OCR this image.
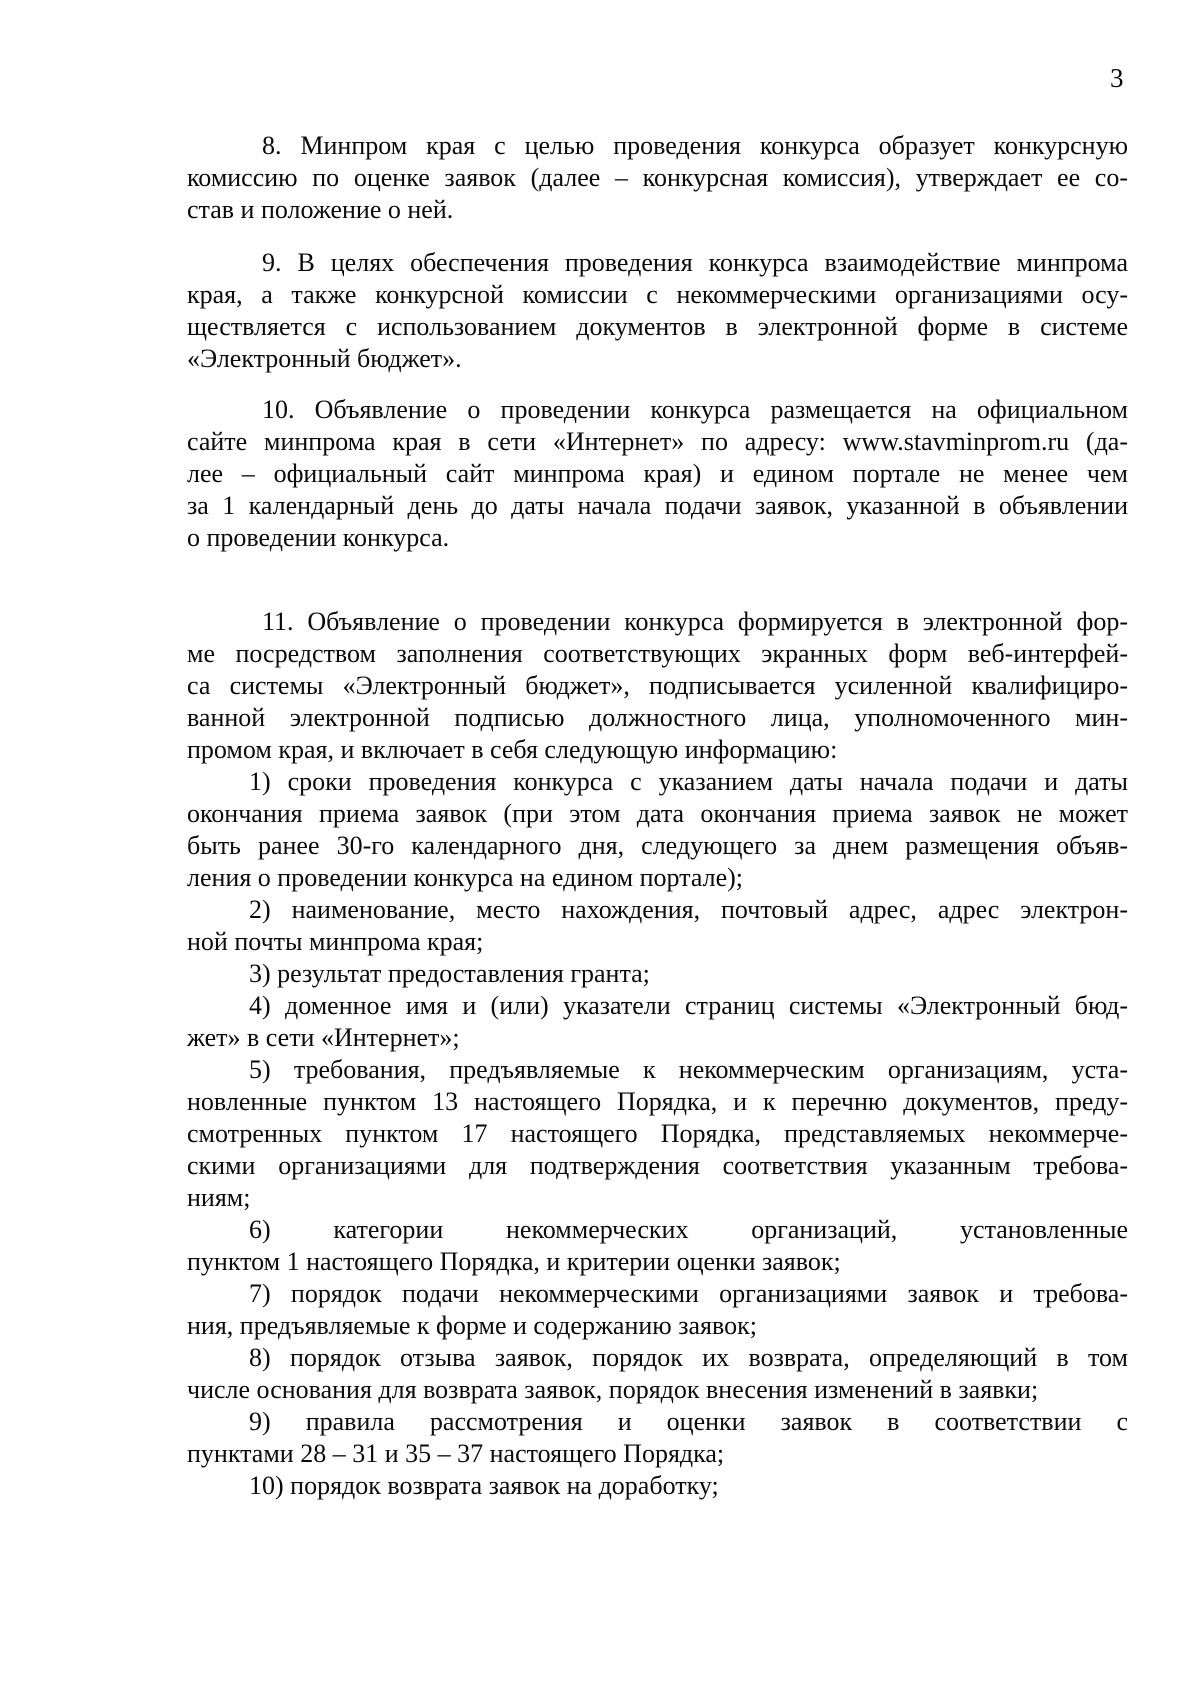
3
8. Минпром края с целью проведения конкурса образует конкурсную
комиссию по оценке заявок (далее – конкурсная комиссия), утверждает ее со-
став и положение о ней.
9. В целях обеспечения проведения конкурса взаимодействие минпрома
края, а также конкурсной комиссии с некоммерческими организациями осу-
ществляется с использованием документов в электронной форме в системе
«Электронный бюджет».
10. Объявление о проведении конкурса размещается на официальном
сайте минпрома края в сети «Интернет» по адресу: www.stavminprom.ru (да-
лее – официальный сайт минпрома края) и едином портале не менее чем
за 1 календарный день до даты начала подачи заявок, указанной в объявлении
о проведении конкурса.
11. Объявление о проведении конкурса формируется в электронной фор-
ме посредством заполнения соответствующих экранных форм веб-интерфей-
са системы «Электронный бюджет», подписывается усиленной квалифициро-
ванной электронной подписью должностного лица, уполномоченного мин-
промом края, и включает в себя следующую информацию:
1) сроки проведения конкурса с указанием даты начала подачи и даты
окончания приема заявок (при этом дата окончания приема заявок не может
быть ранее 30-го календарного дня, следующего за днем размещения объяв-
ления о проведении конкурса на едином портале);
2) наименование, место нахождения, почтовый адрес, адрес электрон-
ной почты минпрома края;
3) результат предоставления гранта;
4) доменное имя и (или) указатели страниц системы «Электронный бюд-
жет» в сети «Интернет»;
5) требования, предъявляемые к некоммерческим организациям, уста-
новленные пунктом 13 настоящего Порядка, и к перечню документов, преду-
смотренных пунктом 17 настоящего Порядка, представляемых некоммерче-
скими организациями для подтверждения соответствия указанным требова-
ниям;
6) категории некоммерческих организаций, установленные
пунктом 1 настоящего Порядка, и критерии оценки заявок;
7) порядок подачи некоммерческими организациями заявок и требова-
ния, предъявляемые к форме и содержанию заявок;
8) порядок отзыва заявок, порядок их возврата, определяющий в том
числе основания для возврата заявок, порядок внесения изменений в заявки;
9) правила рассмотрения и оценки заявок в соответствии с
пунктами 28 – 31 и 35 – 37 настоящего Порядка;
10) порядок возврата заявок на доработку;
